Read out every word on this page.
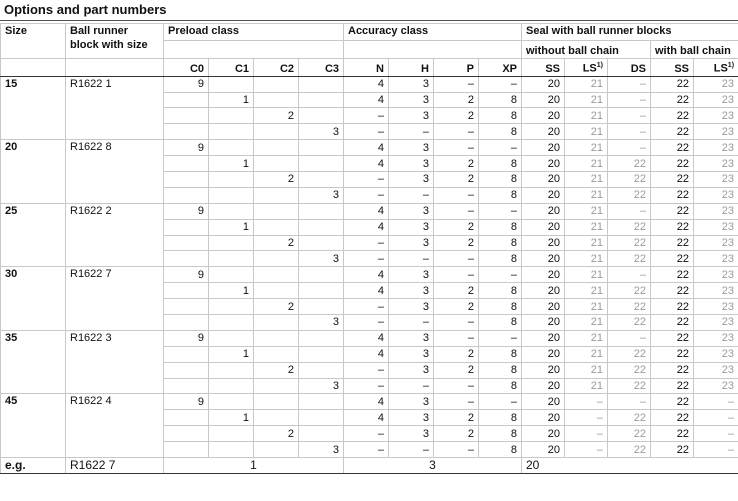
Options and part numbers
Size	Ball runner
block with size	Preload class				Accuracy class				Seal with ball runner blocks				
										without ball chain			with ball chain	
		C0	C1	C2	C3	N	H	P	XP	SS	LS$^{1)}$	DS	SS	LS$^{1)}$
15	R1622 1	9				4	3	–	–	20	21	–	22	23
			1			4	3	2	8	20	21	–	22	23
				2		–	3	2	8	20	21	–	22	23
					3	–	–	–	8	20	21	–	22	23
20	R1622 8	9				4	3	–	–	20	21	–	22	23
			1			4	3	2	8	20	21	22	22	23
				2		–	3	2	8	20	21	22	22	23
					3	–	–	–	8	20	21	22	22	23
25	R1622 2	9				4	3	–	–	20	21	–	22	23
			1			4	3	2	8	20	21	22	22	23
				2		–	3	2	8	20	21	22	22	23
					3	–	–	–	8	20	21	22	22	23
30	R1622 7	9				4	3	–	–	20	21	–	22	23
			1			4	3	2	8	20	21	22	22	23
				2		–	3	2	8	20	21	22	22	23
					3	–	–	–	8	20	21	22	22	23
35	R1622 3	9				4	3	–	–	20	21	–	22	23
			1			4	3	2	8	20	21	22	22	23
				2		–	3	2	8	20	21	22	22	23
					3	–	–	–	8	20	21	22	22	23
45	R1622 4	9				4	3	–	–	20	–	–	22	–
			1			4	3	2	8	20	–	22	22	–
				2		–	3	2	8	20	–	22	22	–
					3	–	–	–	8	20	–	22	22	–
e.g.	R1622 7	1				3				20				
